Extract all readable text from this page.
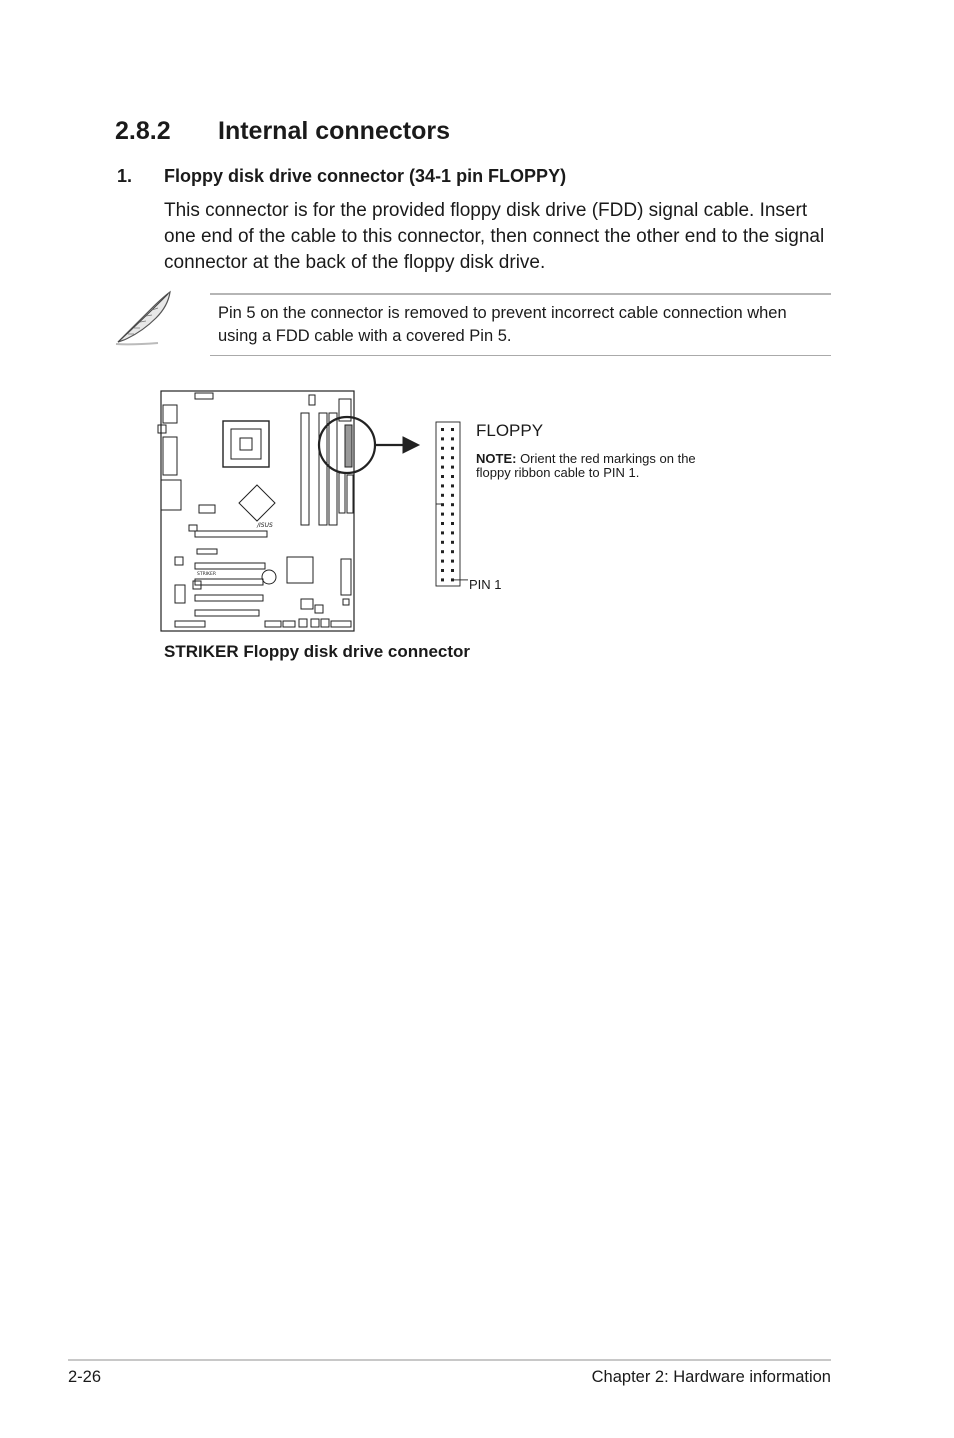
2.8.2 Internal connectors
1. Floppy disk drive connector (34-1 pin FLOPPY)
This connector is for the provided floppy disk drive (FDD) signal cable. Insert one end of the cable to this connector, then connect the other end to the signal connector at the back of the floppy disk drive.
Pin 5 on the connector is removed to prevent incorrect cable connection when using a FDD cable with a covered Pin 5.
/ISUS
STRIKER
FLOPPY
NOTE: Orient the red markings on the floppy ribbon cable to PIN 1.
PIN 1
STRIKER Floppy disk drive connector
2-26	Chapter 2: Hardware information
